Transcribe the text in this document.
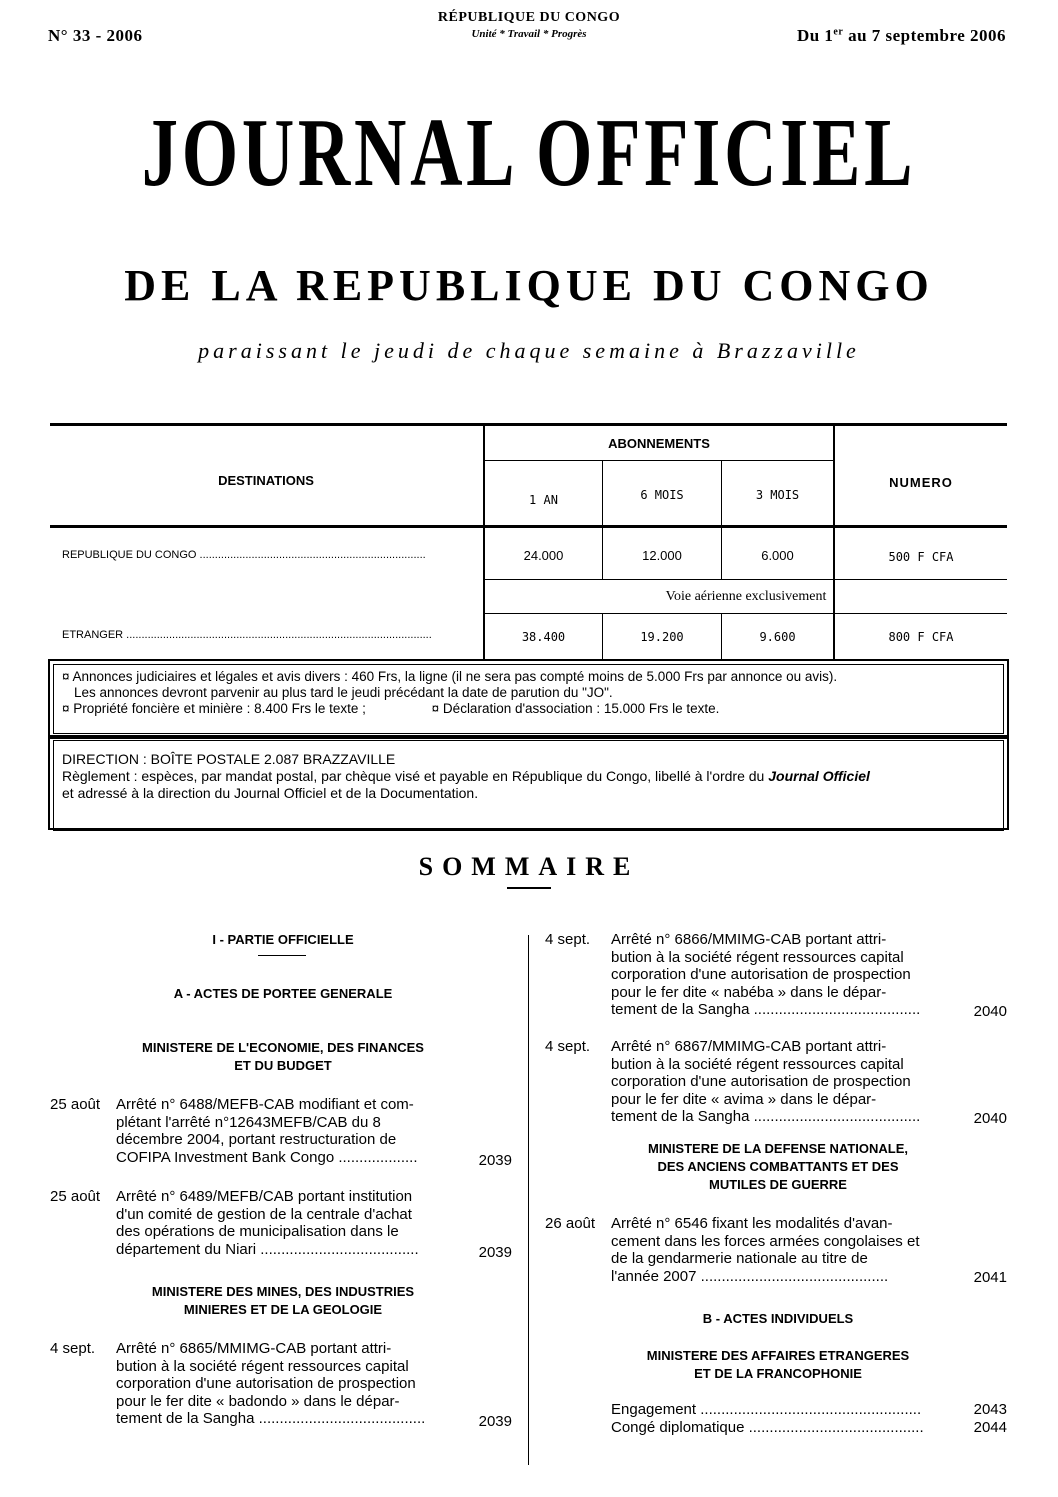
N° 33 - 2006
RÉPUBLIQUE DU CONGO
Unité * Travail * Progrès	Du 1er au 7 septembre 2006
JOURNAL OFFICIEL
DE LA REPUBLIQUE DU CONGO
paraissant le jeudi de chaque semaine à Brazzaville
DESTINATIONS
ABONNEMENTS
NUMERO
1 AN	6 MOIS	3 MOIS
REPUBLIQUE DU CONGO ..........................................................................	24.000	12.000	6.000	500 F CFA
Voie aérienne exclusivement
ETRANGER ....................................................................................................	38.400	19.200	9.600	800 F CFA
¤ Annonces judiciaires et légales et avis divers : 460 Frs, la ligne (il ne sera pas compté moins de 5.000 Frs par annonce ou avis).
Les annonces devront parvenir au plus tard le jeudi précédant la date de parution du "JO".
¤ Propriété foncière et minière : 8.400 Frs le texte ;	¤ Déclaration d'association : 15.000 Frs le texte.
DIRECTION : BOÎTE POSTALE 2.087 BRAZZAVILLE
Règlement : espèces, par mandat postal, par chèque visé et payable en République du Congo, libellé à l'ordre du Journal Officiel
et adressé à la direction du Journal Officiel et de la Documentation.
SOMMAIRE
I - PARTIE OFFICIELLE
A - ACTES DE PORTEE GENERALE
MINISTERE DE L'ECONOMIE, DES FINANCES
ET DU BUDGET
25 août Arrêté n° 6488/MEFB-CAB modifiant et com-
plétant l'arrêté n°12643MEFB/CAB du 8
décembre 2004, portant restructuration de
COFIPA Investment Bank Congo ...................	2039
25 août Arrêté n° 6489/MEFB/CAB portant institution
d'un comité de gestion de la centrale d'achat
des opérations de municipalisation dans le
département du Niari ......................................	2039
MINISTERE DES MINES, DES INDUSTRIES
MINIERES ET DE LA GEOLOGIE
4 sept. Arrêté n° 6865/MMIMG-CAB portant attri-
bution à la société régent ressources capital
corporation d'une autorisation de prospection
pour le fer dite « badondo » dans le dépar-
tement de la Sangha ........................................	2039
4 sept. Arrêté n° 6866/MMIMG-CAB portant attri-
bution à la société régent ressources capital
corporation d'une autorisation de prospection
pour le fer dite « nabéba » dans le dépar-
tement de la Sangha ........................................	2040
4 sept. Arrêté n° 6867/MMIMG-CAB portant attri-
bution à la société régent ressources capital
corporation d'une autorisation de prospection
pour le fer dite « avima » dans le dépar-
tement de la Sangha ........................................	2040
MINISTERE DE LA DEFENSE NATIONALE,
DES ANCIENS COMBATTANTS ET DES
MUTILES DE GUERRE
26 août Arrêté n° 6546 fixant les modalités d'avan-
cement dans les forces armées congolaises et
de la gendarmerie nationale au titre de
l'année 2007 .............................................	2041
B - ACTES INDIVIDUELS
MINISTERE DES AFFAIRES ETRANGERES
ET DE LA FRANCOPHONIE
Engagement .....................................................	2043
Congé diplomatique ..........................................	2044
